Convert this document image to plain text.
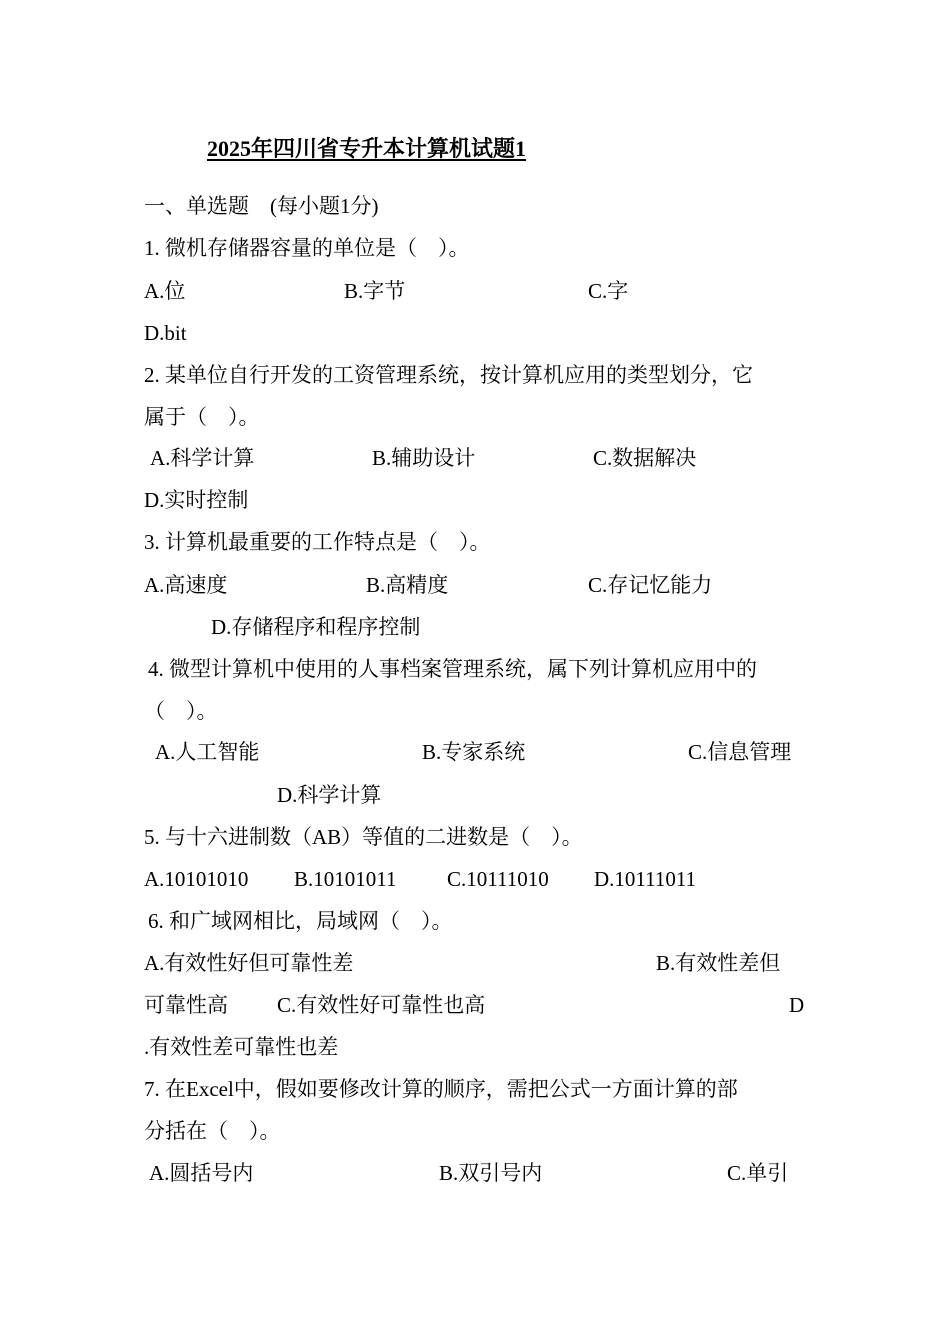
2025年四川省专升本计算机试题1
一、单选题　(每小题1分)
1. 微机存储器容量的单位是（　）。
A.位	B.字节	C.字
D.bit
2. 某单位自行开发的工资管理系统，按计算机应用的类型划分，它
属于（　）。
A.科学计算	B.辅助设计	C.数据解决
D.实时控制
3. 计算机最重要的工作特点是（　）。
A.高速度	B.高精度	C.存记忆能力
D.存储程序和程序控制
4. 微型计算机中使用的人事档案管理系统，属下列计算机应用中的
（　）。
A.人工智能	B.专家系统	C.信息管理
D.科学计算
5. 与十六进制数（AB）等值的二进数是（　）。
A.10101010 B.10101011 C.10111010 D.10111011
6. 和广域网相比，局域网（　）。
A.有效性好但可靠性差	B.有效性差但
可靠性高 C.有效性好可靠性也高	D
.有效性差可靠性也差
7. 在Excel中，假如要修改计算的顺序，需把公式一方面计算的部
分括在（　）。
A.圆括号内	B.双引号内	C.单引
